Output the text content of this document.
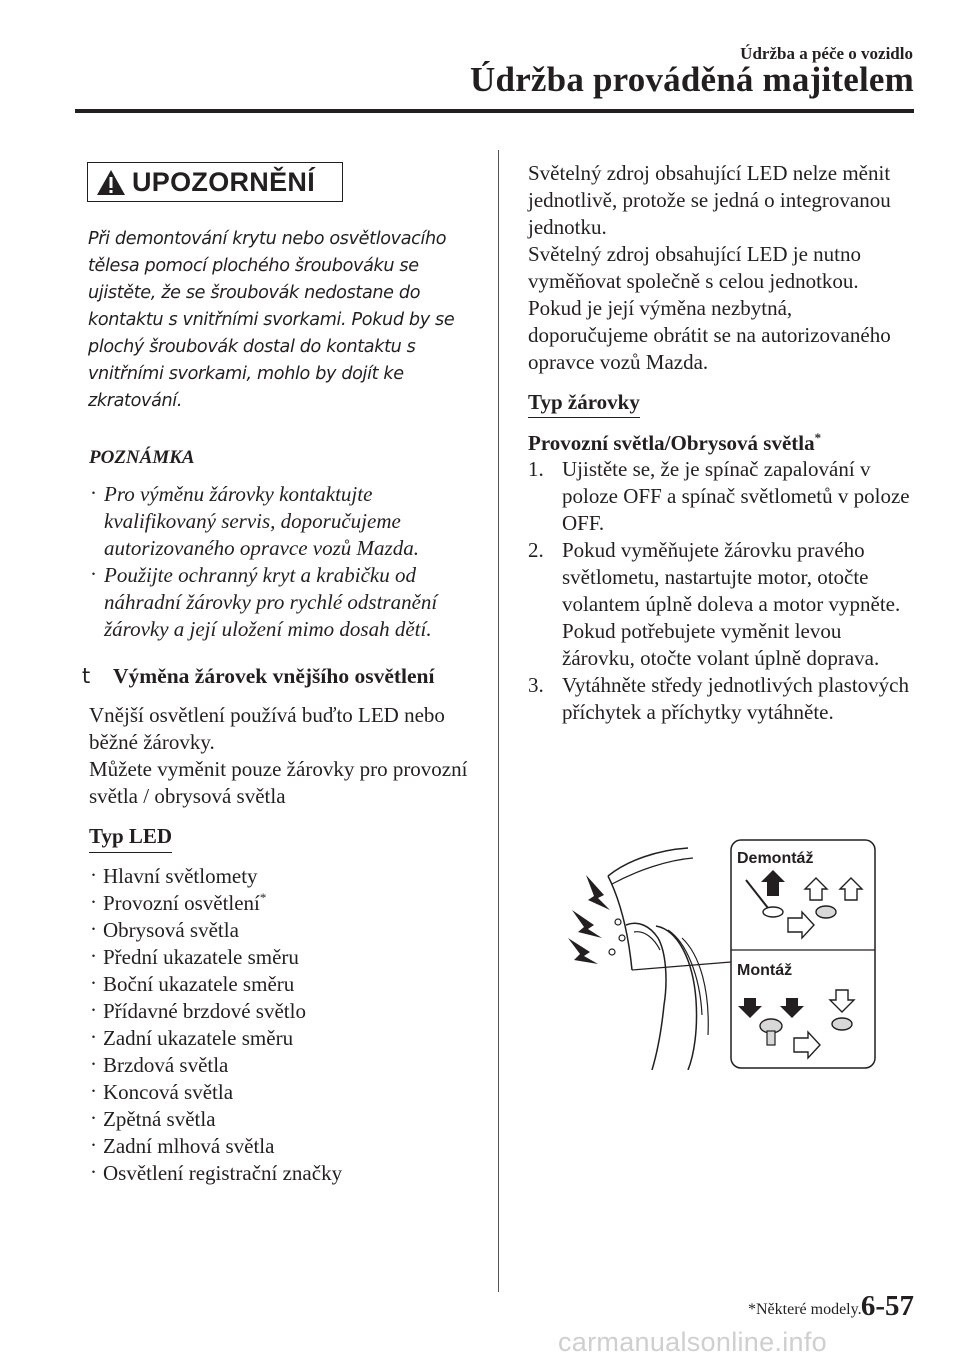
Údržba a péče o vozidlo
Údržba prováděná majitelem
UPOZORNĚNÍ
Při demontování krytu nebo osvětlovacího tělesa pomocí plochého šroubováku se ujistěte, že se šroubovák nedostane do kontaktu s vnitřními svorkami. Pokud by se plochý šroubovák dostal do kontaktu s vnitřními svorkami, mohlo by dojít ke zkratování.
POZNÁMKA
· Pro výměnu žárovky kontaktujte kvalifikovaný servis, doporučujeme autorizovaného opravce vozů Mazda.
· Použijte ochranný kryt a krabičku od náhradní žárovky pro rychlé odstranění žárovky a její uložení mimo dosah dětí.
t Výměna žárovek vnějšího osvětlení
Vnější osvětlení používá buďto LED nebo běžné žárovky.
Můžete vyměnit pouze žárovky pro provozní světla / obrysová světla
Typ LED
· Hlavní světlomety
· Provozní osvětlení*
· Obrysová světla
· Přední ukazatele směru
· Boční ukazatele směru
· Přídavné brzdové světlo
· Zadní ukazatele směru
· Brzdová světla
· Koncová světla
· Zpětná světla
· Zadní mlhová světla
· Osvětlení registrační značky
Světelný zdroj obsahující LED nelze měnit jednotlivě, protože se jedná o integrovanou jednotku.
Světelný zdroj obsahující LED je nutno vyměňovat společně s celou jednotkou. Pokud je její výměna nezbytná, doporučujeme obrátit se na autorizovaného opravce vozů Mazda.
Typ žárovky
Provozní světla/Obrysová světla*
1. Ujistěte se, že je spínač zapalování v poloze OFF a spínač světlometů v poloze OFF.
2. Pokud vyměňujete žárovku pravého světlometu, nastartujte motor, otočte volantem úplně doleva a motor vypněte. Pokud potřebujete vyměnit levou žárovku, otočte volant úplně doprava.
3. Vytáhněte středy jednotlivých plastových příchytek a příchytky vytáhněte.
Demontáž
Montáž
*Některé modely. 6-57
carmanualsonline.info
